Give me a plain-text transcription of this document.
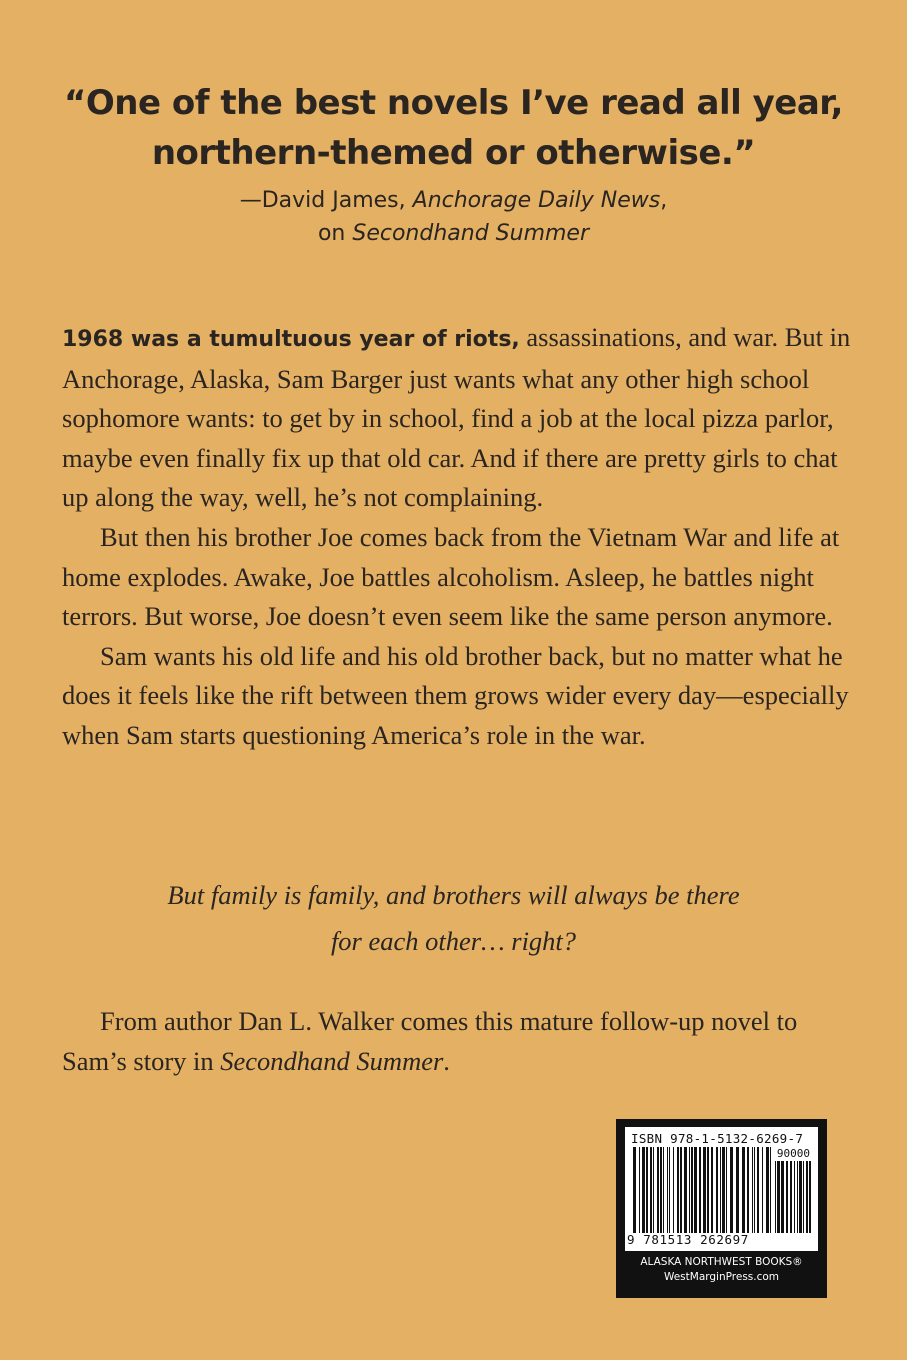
“One of the best novels I’ve read all year,
northern-themed or otherwise.”
—David James, Anchorage Daily News,
on Secondhand Summer

1968 was a tumultuous year of riots, assassinations, and war. But in Anchorage, Alaska, Sam Barger just wants what any other high school sophomore wants: to get by in school, find a job at the local pizza parlor, maybe even finally fix up that old car. And if there are pretty girls to chat up along the way, well, he’s not complaining.

But then his brother Joe comes back from the Vietnam War and life at home explodes. Awake, Joe battles alcoholism. Asleep, he battles night terrors. But worse, Joe doesn’t even seem like the same person anymore.

Sam wants his old life and his old brother back, but no matter what he does it feels like the rift between them grows wider every day—especially when Sam starts questioning America’s role in the war.

But family is family, and brothers will always be there
for each other… right?

From author Dan L. Walker comes this mature follow-up novel to Sam’s story in Secondhand Summer.

ISBN 978-1-5132-6269-7
90000
9 781513 262697
ALASKA NORTHWEST BOOKS®
WestMarginPress.com
